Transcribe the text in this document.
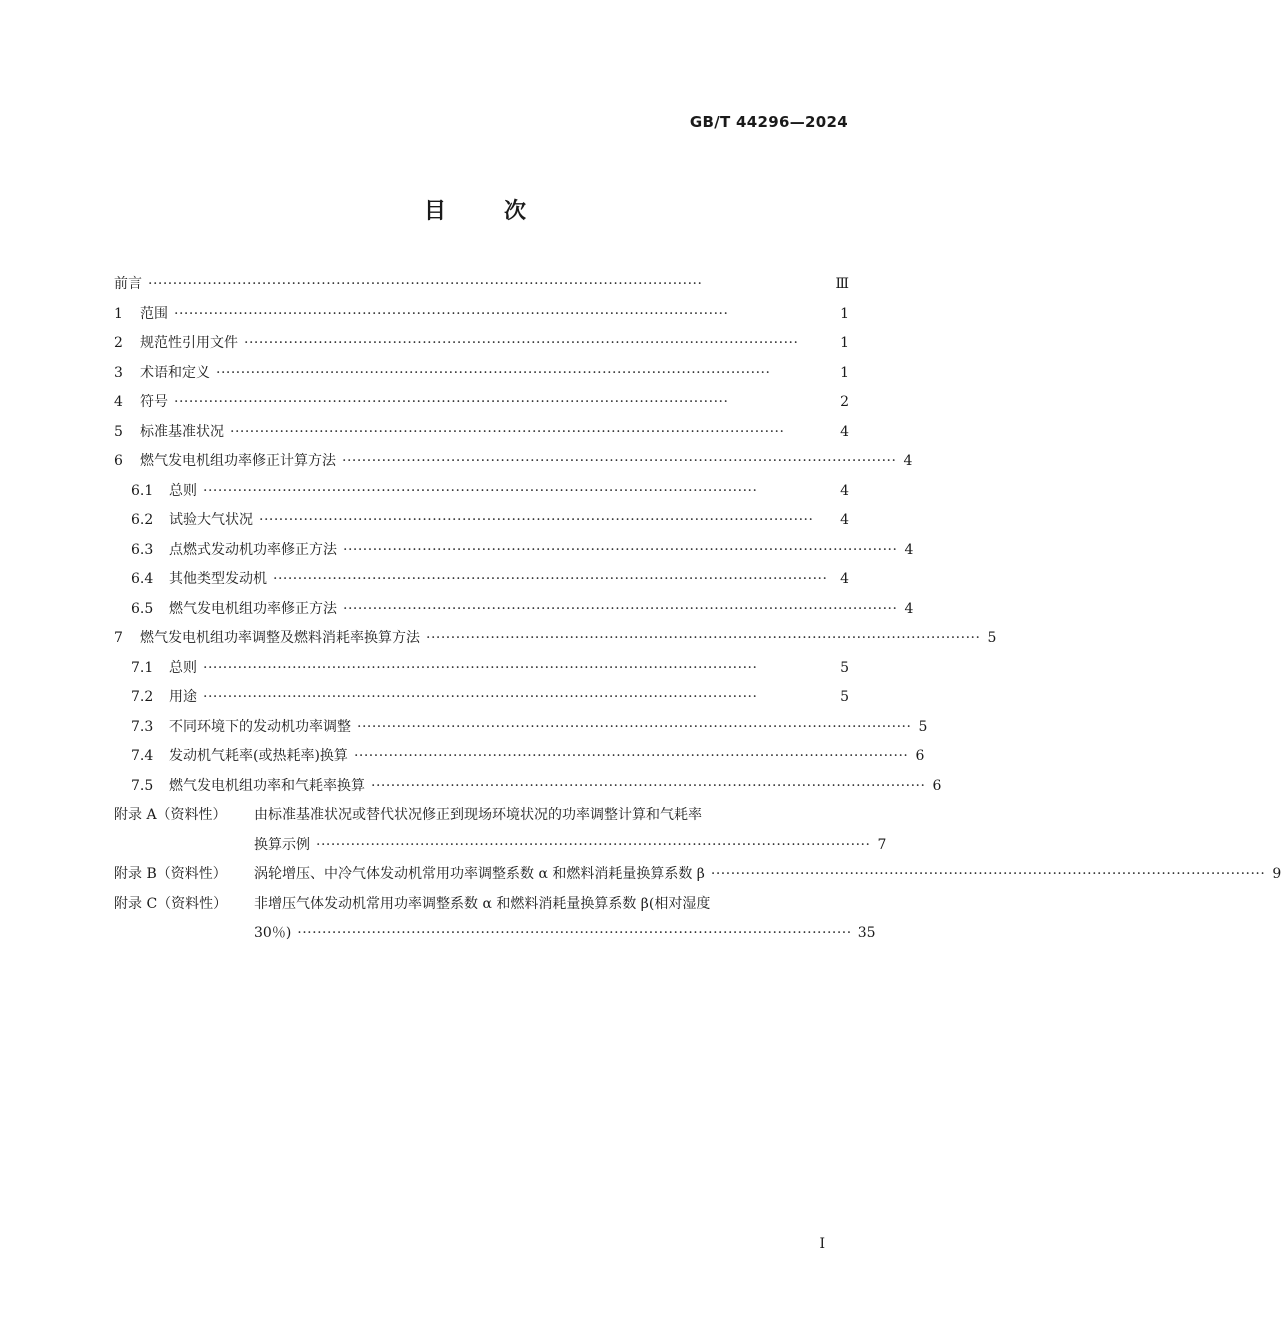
GB/T 44296—2024
目次
前言 ················································································································	Ⅲ
1	范围 ················································································································	1
2	规范性引用文件 ················································································································	1
3	术语和定义 ················································································································	1
4	符号 ················································································································	2
5	标准基准状况 ················································································································	4
6	燃气发电机组功率修正计算方法 ················································································································ 4
6.1	总则 ················································································································	4
6.2	试验大气状况 ················································································································	4
6.3	点燃式发动机功率修正方法 ················································································································ 4
6.4	其他类型发动机 ················································································································ 4
6.5	燃气发电机组功率修正方法 ················································································································ 4
7	燃气发电机组功率调整及燃料消耗率换算方法 ················································································································ 5
7.1	总则 ················································································································	5
7.2	用途 ················································································································	5
7.3	不同环境下的发动机功率调整 ················································································································ 5
7.4	发动机气耗率(或热耗率)换算 ················································································································ 6
7.5	燃气发电机组功率和气耗率换算 ················································································································ 6
附录 A（资料性）	由标准基准状况或替代状况修正到现场环境状况的功率调整计算和气耗率
换算示例 ················································································································ 7
附录 B（资料性）	涡轮增压、中冷气体发动机常用功率调整系数 α 和燃料消耗量换算系数 β ················································································································ 9
附录 C（资料性）	非增压气体发动机常用功率调整系数 α 和燃料消耗量换算系数 β(相对湿度
30％) ················································································································ 35
I
